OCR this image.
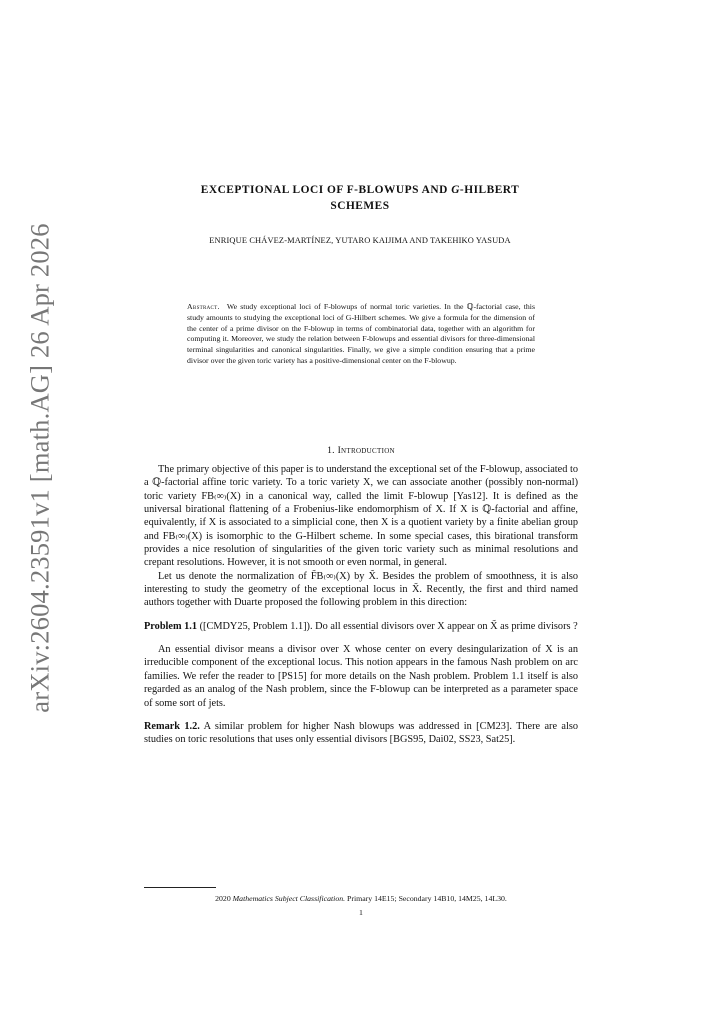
arXiv:2604.23591v1 [math.AG] 26 Apr 2026
EXCEPTIONAL LOCI OF F-BLOWUPS AND G-HILBERT
SCHEMES
ENRIQUE CHÁVEZ-MARTÍNEZ, YUTARO KAIJIMA AND TAKEHIKO YASUDA
Abstract. We study exceptional loci of F-blowups of normal toric varieties. In the ℚ-factorial case, this study amounts to studying the exceptional loci of G-Hilbert schemes. We give a formula for the dimension of the center of a prime divisor on the F-blowup in terms of combinatorial data, together with an algorithm for computing it. Moreover, we study the relation between F-blowups and essential divisors for three-dimensional terminal singularities and canonical singularities. Finally, we give a simple condition ensuring that a prime divisor over the given toric variety has a positive-dimensional center on the F-blowup.
1. Introduction

The primary objective of this paper is to understand the exceptional set of the F-blowup, associated to a ℚ-factorial affine toric variety. To a toric variety X, we can associate another (possibly non-normal) toric variety FB₍∞₎(X) in a canonical way, called the limit F-blowup [Yas12]. It is defined as the universal birational flattening of a Frobenius-like endomorphism of X. If X is ℚ-factorial and affine, equivalently, if X is associated to a simplicial cone, then X is a quotient variety by a finite abelian group and FB₍∞₎(X) is isomorphic to the G-Hilbert scheme. In some special cases, this birational transform provides a nice resolution of singularities of the given toric variety such as minimal resolutions and crepant resolutions. However, it is not smooth or even normal, in general.

Let us denote the normalization of F̃B₍∞₎(X) by X̃. Besides the problem of smoothness, it is also interesting to study the geometry of the exceptional locus in X̃. Recently, the first and third named authors together with Duarte proposed the following problem in this direction:

Problem 1.1 ([CMDY25, Problem 1.1]). Do all essential divisors over X appear on X̃ as prime divisors ?

An essential divisor means a divisor over X whose center on every desingularization of X is an irreducible component of the exceptional locus. This notion appears in the famous Nash problem on arc families. We refer the reader to [PS15] for more details on the Nash problem. Problem 1.1 itself is also regarded as an analog of the Nash problem, since the F-blowup can be interpreted as a parameter space of some sort of jets.

Remark 1.2. A similar problem for higher Nash blowups was addressed in [CM23]. There are also studies on toric resolutions that uses only essential divisors [BGS95, Dai02, SS23, Sat25].

2020 Mathematics Subject Classification. Primary 14E15; Secondary 14B10, 14M25, 14L30.
1
